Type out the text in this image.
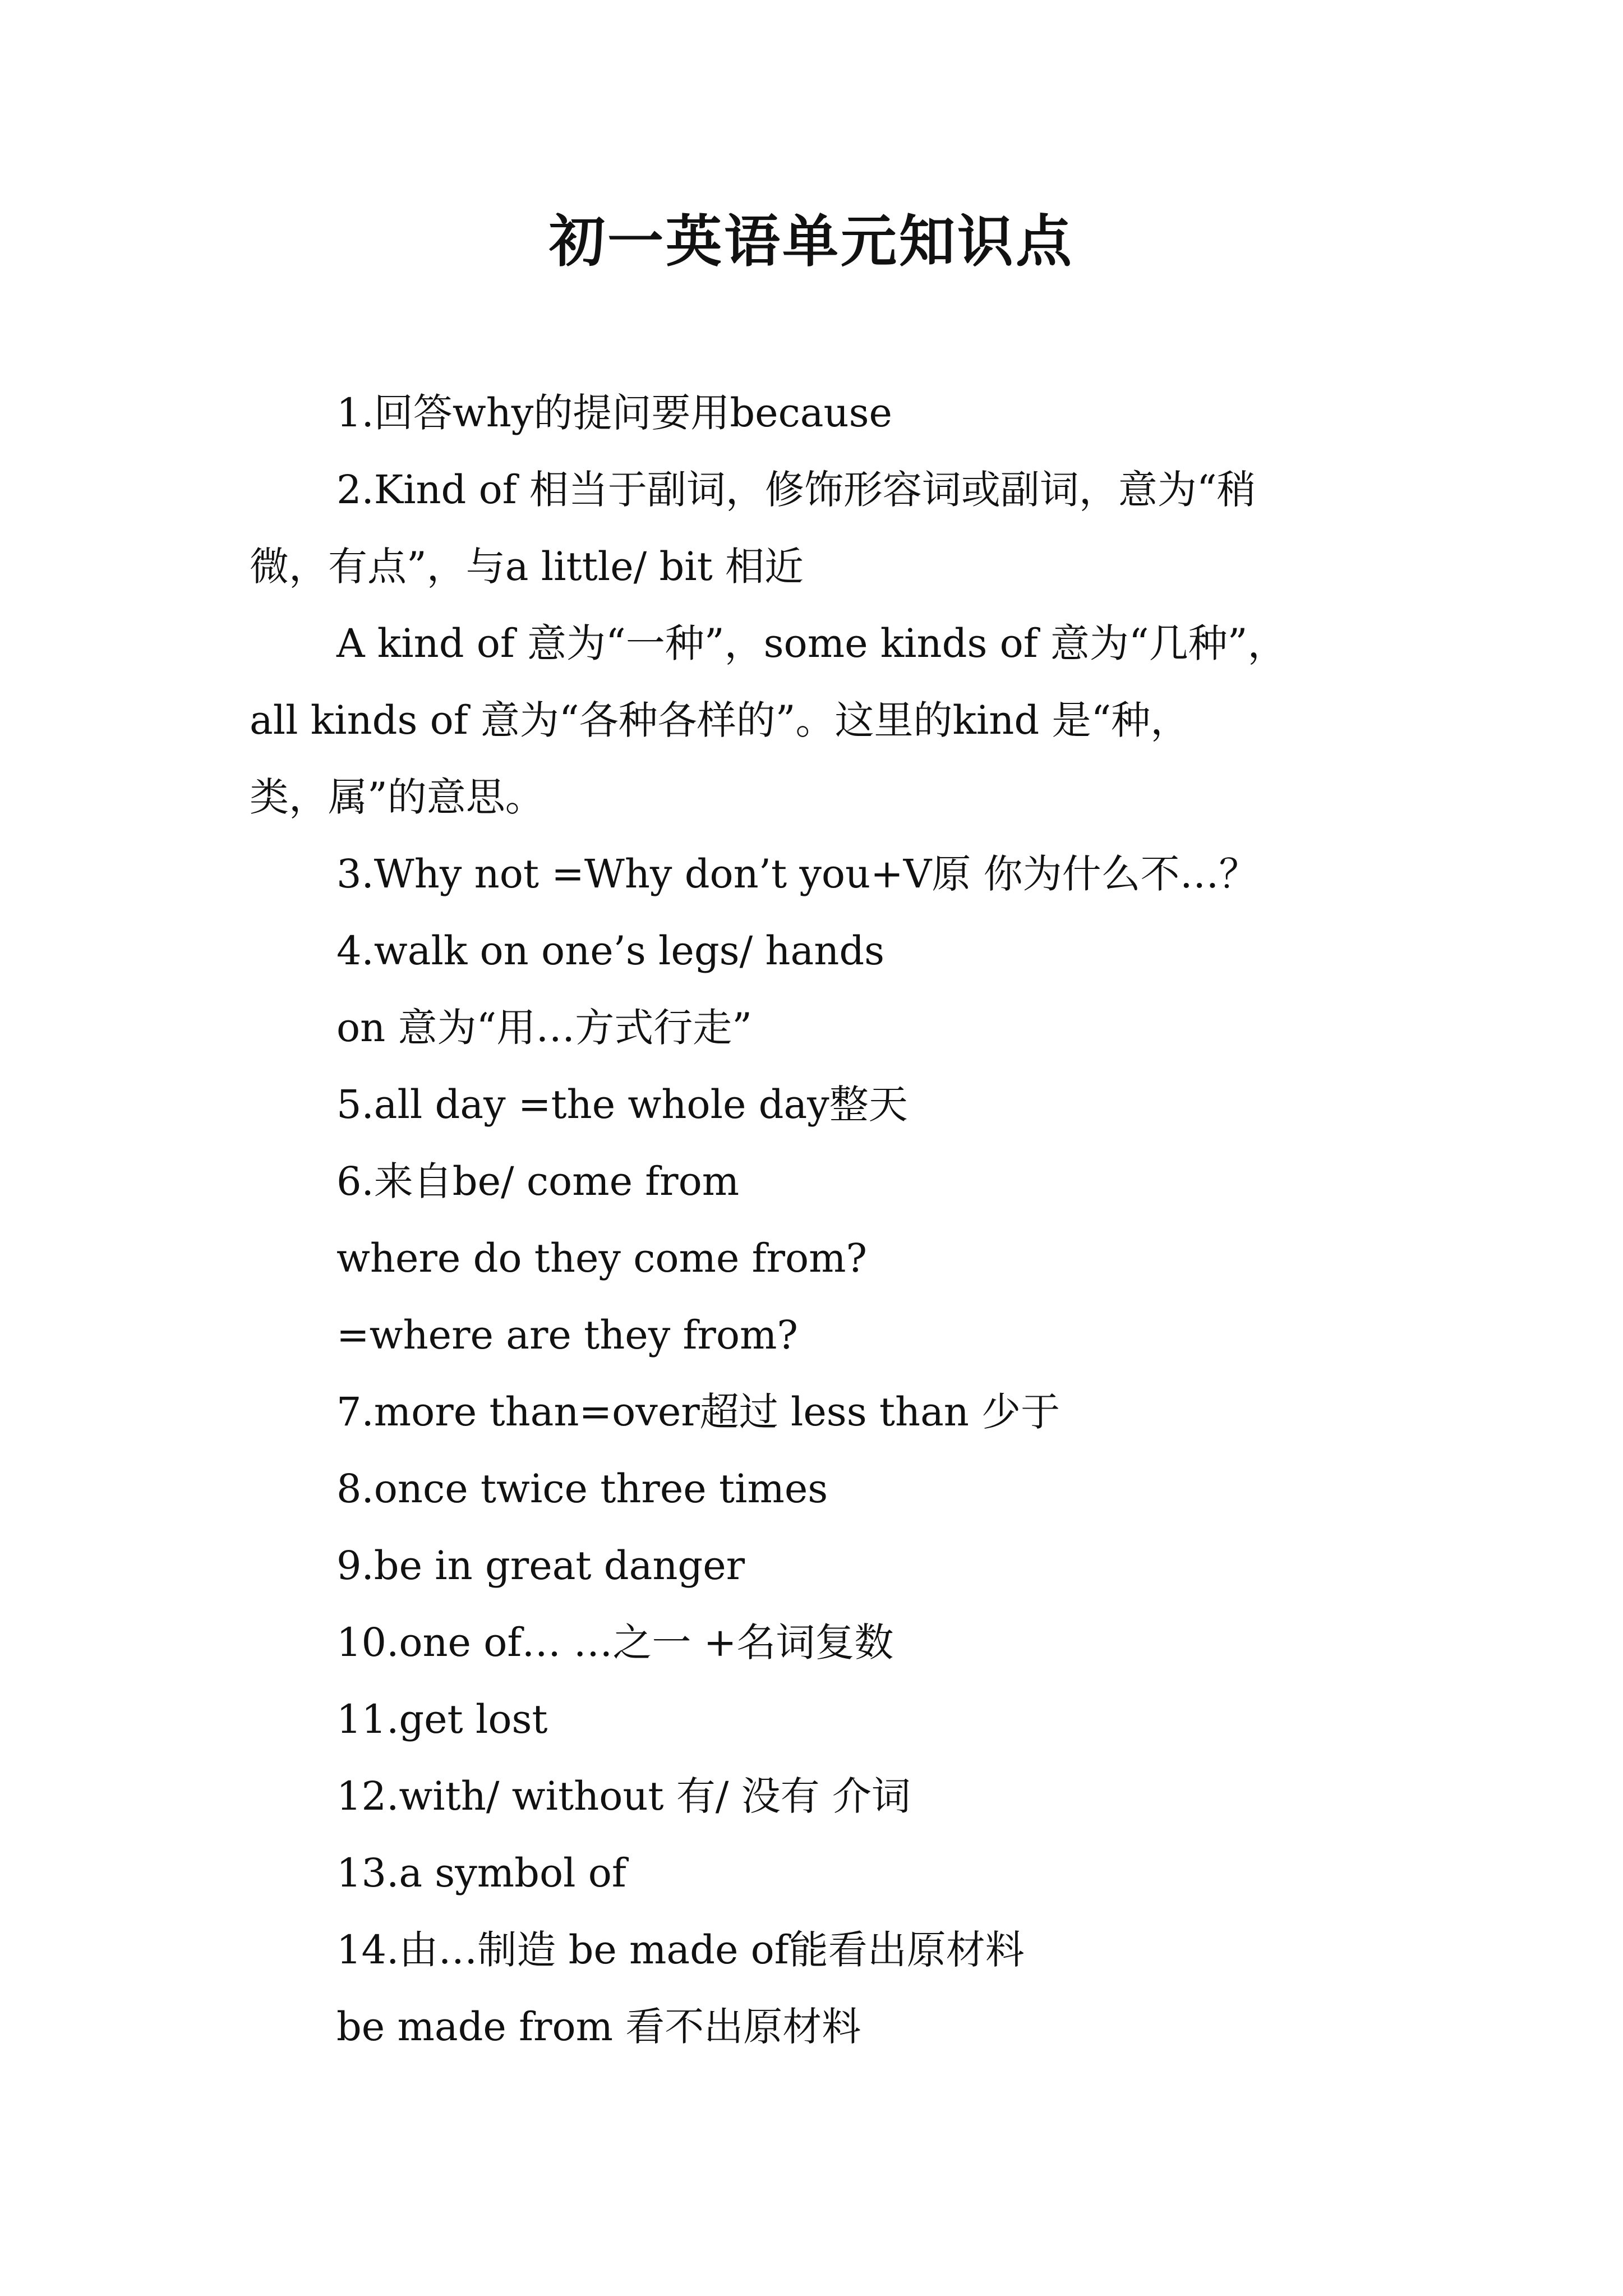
初一英语单元知识点
1.回答why的提问要用because
2.Kind of 相当于副词，修饰形容词或副词，意为“稍
微，有点”，与a little/ bit 相近
A kind of 意为“一种”，some kinds of 意为“几种”，
all kinds of 意为“各种各样的”。这里的kind 是“种，
类，属”的意思。
3.Why not =Why don’t you+V原 你为什么不…？
4.walk on one’s legs/ hands
on 意为“用…方式行走”
5.all day =the whole day整天
6.来自be/ come from
where do they come from?
=where are they from?
7.more than=over超过 less than 少于
8.once twice three times
9.be in great danger
10.one of… …之一 +名词复数
11.get lost
12.with/ without 有/ 没有 介词
13.a symbol of
14.由…制造 be made of能看出原材料
be made from 看不出原材料
